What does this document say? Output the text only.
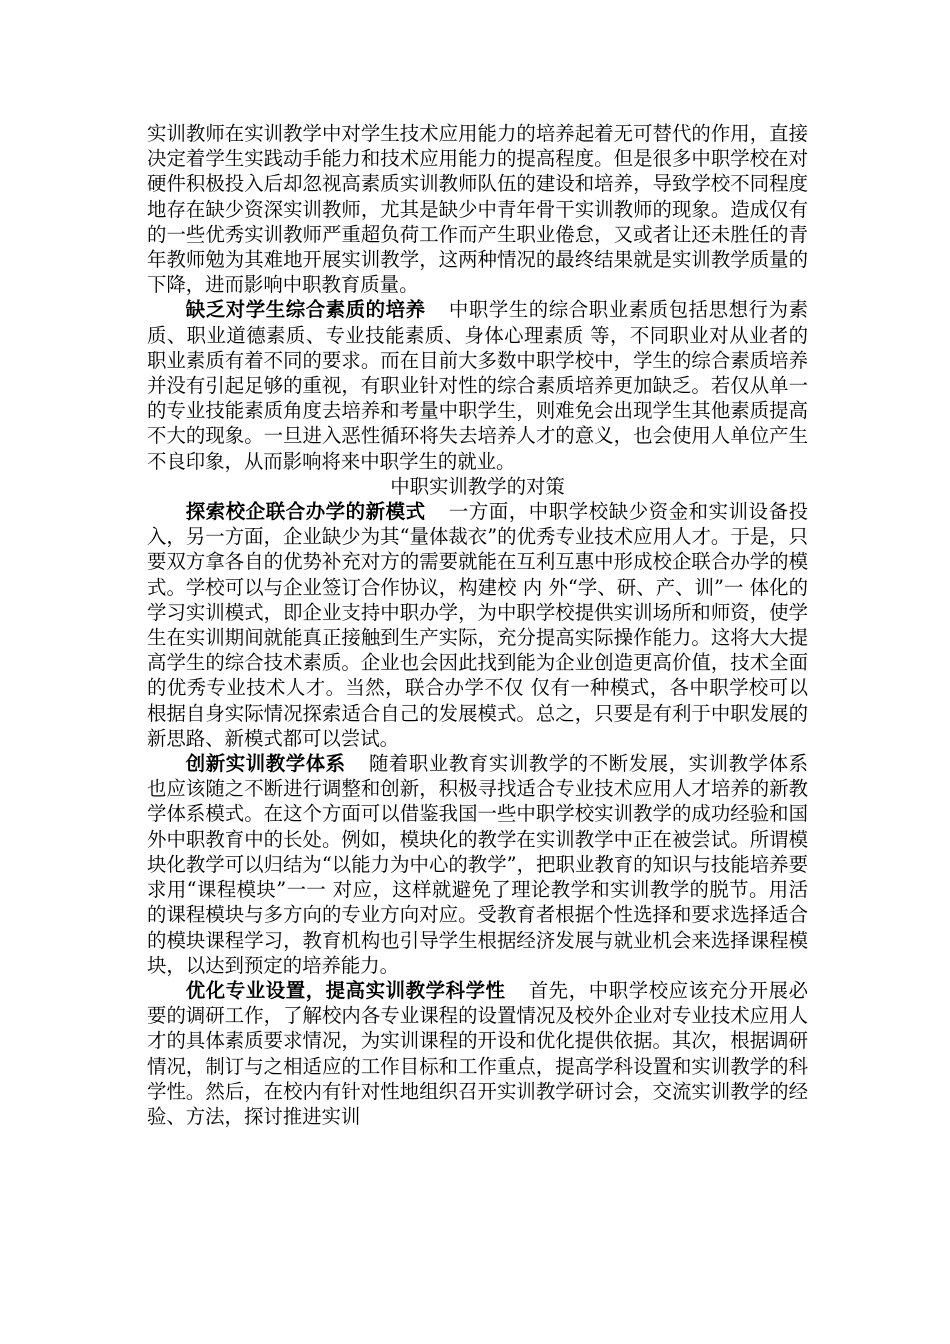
实训教师在实训教学中对学生技术应用能力的培养起着无可替代的作用，直接决定着学生实践动手能力和技术应用能力的提高程度。但是很多中职学校在对硬件积极投入后却忽视高素质实训教师队伍的建设和培养，导致学校不同程度地存在缺少资深实训教师，尤其是缺少中青年骨干实训教师的现象。造成仅有的一些优秀实训教师严重超负荷工作而产生职业倦怠，又或者让还未胜任的青年教师勉为其难地开展实训教学，这两种情况的最终结果就是实训教学质量的下降，进而影响中职教育质量。

缺乏对学生综合素质的培养 中职学生的综合职业素质包括思想行为素质、职业道德素质、专业技能素质、身体心理素质 等，不同职业对从业者的职业素质有着不同的要求。而在目前大多数中职学校中，学生的综合素质培养并没有引起足够的重视，有职业针对性的综合素质培养更加缺乏。若仅从单一的专业技能素质角度去培养和考量中职学生，则难免会出现学生其他素质提高不大的现象。一旦进入恶性循环将失去培养人才的意义，也会使用人单位产生不良印象，从而影响将来中职学生的就业。

中职实训教学的对策

探索校企联合办学的新模式 一方面，中职学校缺少资金和实训设备投入，另一方面，企业缺少为其“量体裁衣”的优秀专业技术应用人才。于是，只要双方拿各自的优势补充对方的需要就能在互利互惠中形成校企联合办学的模式。学校可以与企业签订合作协议，构建校 内 外“学、研、产、训”一 体化的学习实训模式，即企业支持中职办学，为中职学校提供实训场所和师资，使学生在实训期间就能真正接触到生产实际，充分提高实际操作能力。这将大大提高学生的综合技术素质。企业也会因此找到能为企业创造更高价值，技术全面的优秀专业技术人才。当然，联合办学不仅 仅有一种模式，各中职学校可以根据自身实际情况探索适合自己的发展模式。总之，只要是有利于中职发展的新思路、新模式都可以尝试。

创新实训教学体系 随着职业教育实训教学的不断发展，实训教学体系也应该随之不断进行调整和创新，积极寻找适合专业技术应用人才培养的新教学体系模式。在这个方面可以借鉴我国一些中职学校实训教学的成功经验和国外中职教育中的长处。例如，模块化的教学在实训教学中正在被尝试。所谓模块化教学可以归结为“以能力为中心的教学”，把职业教育的知识与技能培养要求用“课程模块”一一 对应，这样就避免了理论教学和实训教学的脱节。用活的课程模块与多方向的专业方向对应。受教育者根据个性选择和要求选择适合的模块课程学习，教育机构也引导学生根据经济发展与就业机会来选择课程模块，以达到预定的培养能力。

优化专业设置，提高实训教学科学性 首先，中职学校应该充分开展必要的调研工作，了解校内各专业课程的设置情况及校外企业对专业技术应用人才的具体素质要求情况，为实训课程的开设和优化提供依据。其次，根据调研情况，制订与之相适应的工作目标和工作重点，提高学科设置和实训教学的科学性。然后，在校内有针对性地组织召开实训教学研讨会，交流实训教学的经验、方法，探讨推进实训
